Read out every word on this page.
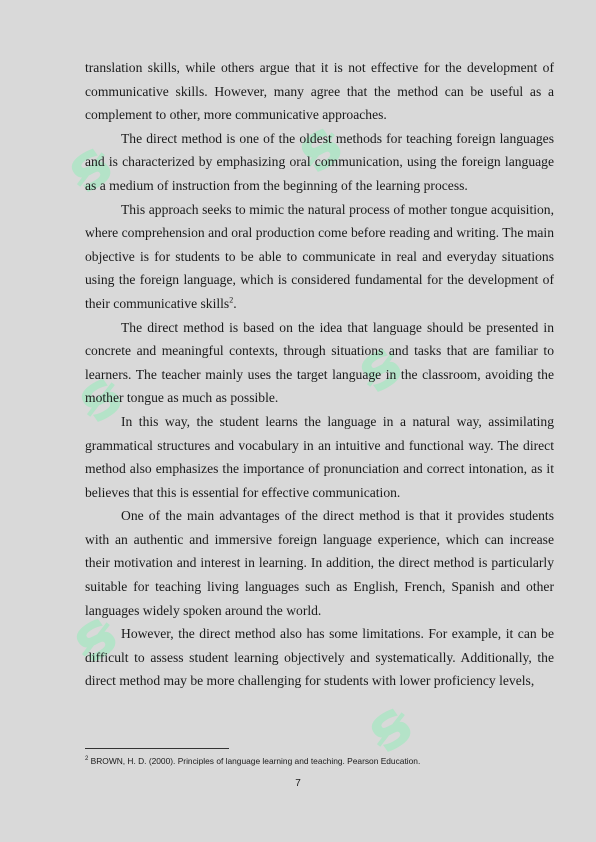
ꞩ ꞩ
ꞩ	ꞩ
ꞩ
ꞩ

translation skills, while others argue that it is not effective for the development of communicative skills. However, many agree that the method can be useful as a complement to other, more communicative approaches.

The direct method is one of the oldest methods for teaching foreign languages and is characterized by emphasizing oral communication, using the foreign language as a medium of instruction from the beginning of the learning process.

This approach seeks to mimic the natural process of mother tongue acquisition, where comprehension and oral production come before reading and writing. The main objective is for students to be able to communicate in real and everyday situations using the foreign language, which is considered fundamental for the development of their communicative skills$^2$.

The direct method is based on the idea that language should be presented in concrete and meaningful contexts, through situations and tasks that are familiar to learners. The teacher mainly uses the target language in the classroom, avoiding the mother tongue as much as possible.

In this way, the student learns the language in a natural way, assimilating grammatical structures and vocabulary in an intuitive and functional way. The direct method also emphasizes the importance of pronunciation and correct intonation, as it believes that this is essential for effective communication.

One of the main advantages of the direct method is that it provides students with an authentic and immersive foreign language experience, which can increase their motivation and interest in learning. In addition, the direct method is particularly suitable for teaching living languages such as English, French, Spanish and other languages widely spoken around the world.

However, the direct method also has some limitations. For example, it can be difficult to assess student learning objectively and systematically. Additionally, the direct method may be more challenging for students with lower proficiency levels,

$^2$ BROWN, H. D. (2000). Principles of language learning and teaching. Pearson Education.
7
